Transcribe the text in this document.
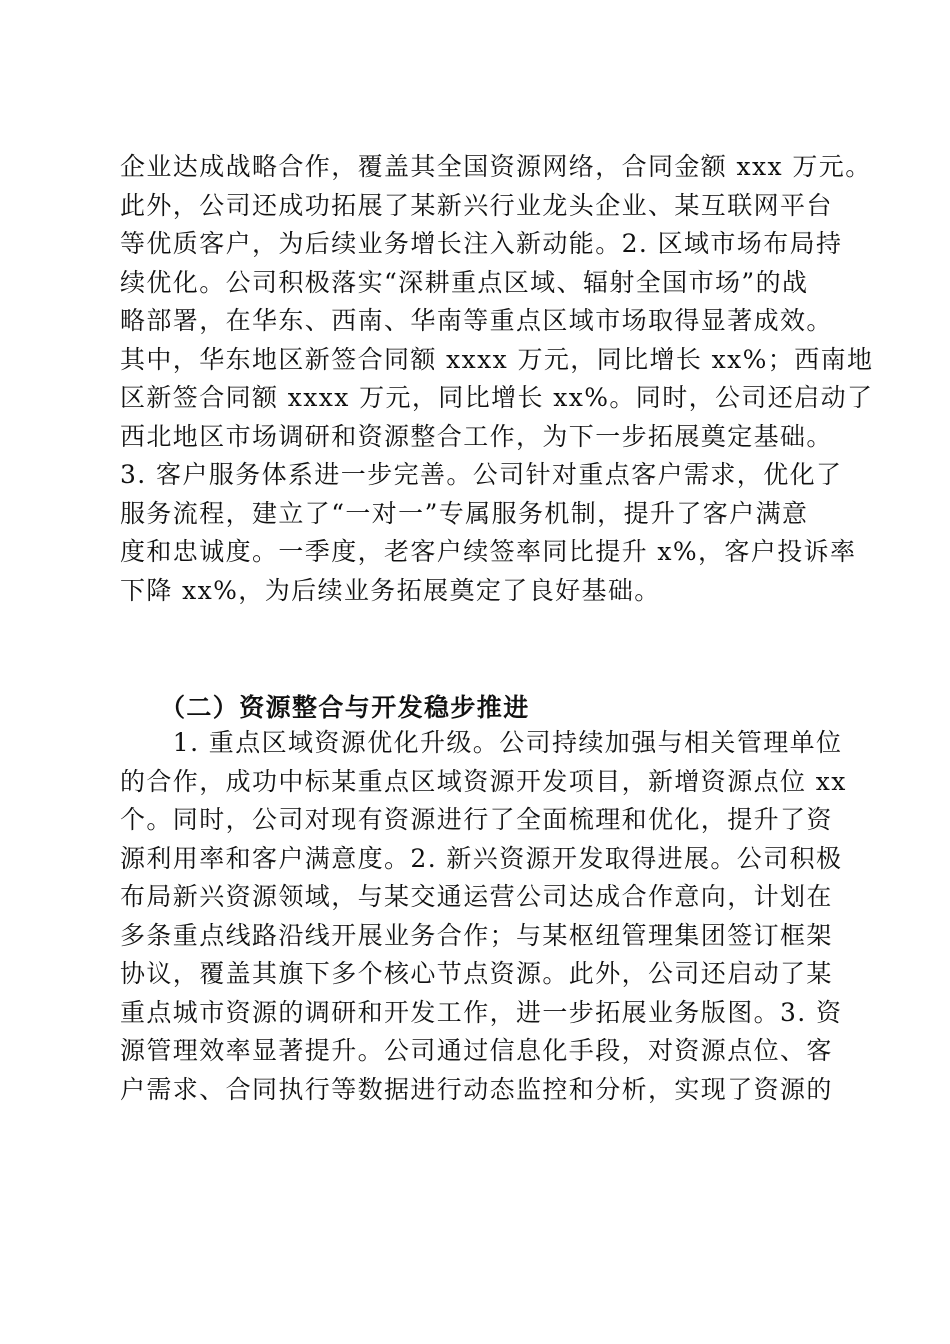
企业达成战略合作，覆盖其全国资源网络，合同金额 xxx 万元。
此外，公司还成功拓展了某新兴行业龙头企业、某互联网平台
等优质客户，为后续业务增长注入新动能。2. 区域市场布局持
续优化。公司积极落实“深耕重点区域、辐射全国市场”的战
略部署，在华东、西南、华南等重点区域市场取得显著成效。
其中，华东地区新签合同额 xxxx 万元，同比增长 xx%；西南地
区新签合同额 xxxx 万元，同比增长 xx%。同时，公司还启动了
西北地区市场调研和资源整合工作，为下一步拓展奠定基础。
3. 客户服务体系进一步完善。公司针对重点客户需求，优化了
服务流程，建立了“一对一”专属服务机制，提升了客户满意
度和忠诚度。一季度，老客户续签率同比提升 x%，客户投诉率
下降 xx%，为后续业务拓展奠定了良好基础。
（二）资源整合与开发稳步推进
　　1. 重点区域资源优化升级。公司持续加强与相关管理单位
的合作，成功中标某重点区域资源开发项目，新增资源点位 xx
个。同时，公司对现有资源进行了全面梳理和优化，提升了资
源利用率和客户满意度。2. 新兴资源开发取得进展。公司积极
布局新兴资源领域，与某交通运营公司达成合作意向，计划在
多条重点线路沿线开展业务合作；与某枢纽管理集团签订框架
协议，覆盖其旗下多个核心节点资源。此外，公司还启动了某
重点城市资源的调研和开发工作，进一步拓展业务版图。3. 资
源管理效率显著提升。公司通过信息化手段，对资源点位、客
户需求、合同执行等数据进行动态监控和分析，实现了资源的
